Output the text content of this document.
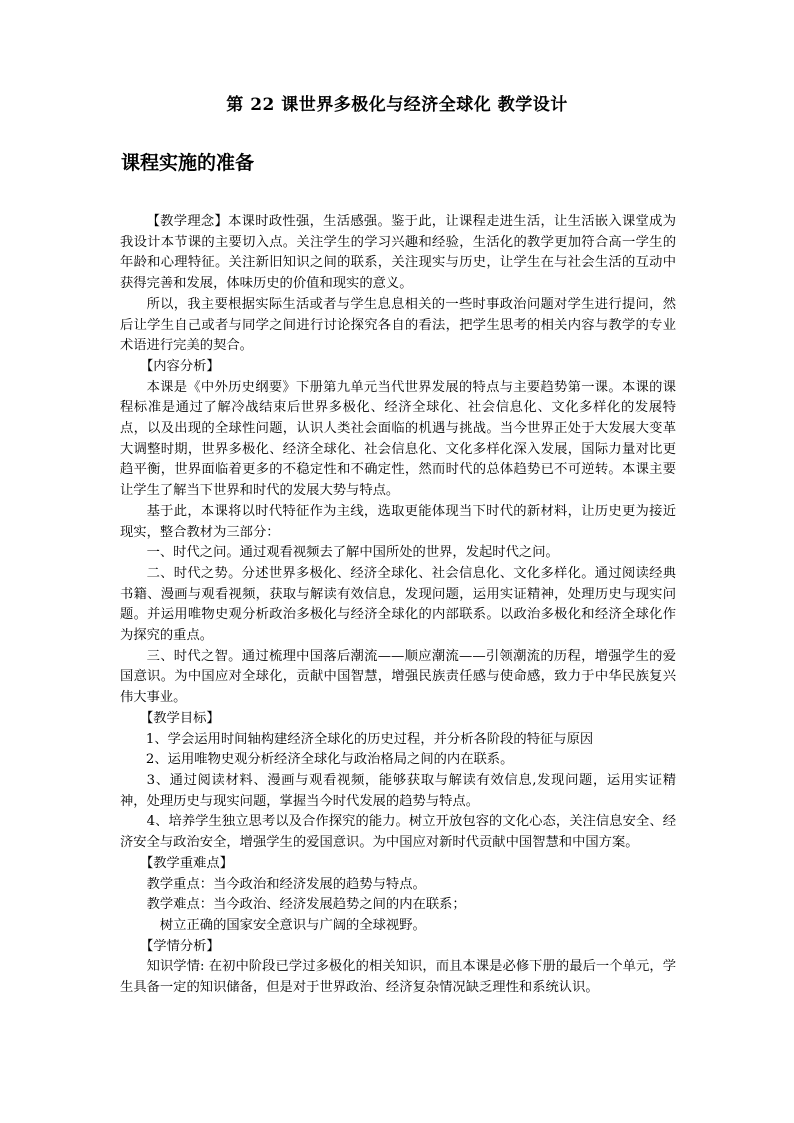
第 22 课世界多极化与经济全球化 教学设计
课程实施的准备

【教学理念】本课时政性强，生活感强。鉴于此，让课程走进生活，让生活嵌入课堂成为我设计本节课的主要切入点。关注学生的学习兴趣和经验，生活化的教学更加符合高一学生的年龄和心理特征。关注新旧知识之间的联系，关注现实与历史，让学生在与社会生活的互动中获得完善和发展，体味历史的价值和现实的意义。

所以，我主要根据实际生活或者与学生息息相关的一些时事政治问题对学生进行提问，然后让学生自己或者与同学之间进行讨论探究各自的看法，把学生思考的相关内容与教学的专业术语进行完美的契合。

【内容分析】

本课是《中外历史纲要》下册第九单元当代世界发展的特点与主要趋势第一课。本课的课程标准是通过了解冷战结束后世界多极化、经济全球化、社会信息化、文化多样化的发展特点，以及出现的全球性问题，认识人类社会面临的机遇与挑战。当今世界正处于大发展大变革大调整时期，世界多极化、经济全球化、社会信息化、文化多样化深入发展，国际力量对比更趋平衡，世界面临着更多的不稳定性和不确定性，然而时代的总体趋势已不可逆转。本课主要让学生了解当下世界和时代的发展大势与特点。

基于此，本课将以时代特征作为主线，选取更能体现当下时代的新材料，让历史更为接近现实，整合教材为三部分：

一、时代之问。通过观看视频去了解中国所处的世界，发起时代之问。

二、时代之势。分述世界多极化、经济全球化、社会信息化、文化多样化。通过阅读经典书籍、漫画与观看视频，获取与解读有效信息，发现问题，运用实证精神，处理历史与现实问题。并运用唯物史观分析政治多极化与经济全球化的内部联系。以政治多极化和经济全球化作为探究的重点。

三、时代之智。通过梳理中国落后潮流——顺应潮流——引领潮流的历程，增强学生的爱国意识。为中国应对全球化，贡献中国智慧，增强民族责任感与使命感，致力于中华民族复兴伟大事业。

【教学目标】

1、学会运用时间轴构建经济全球化的历史过程，并分析各阶段的特征与原因

2、运用唯物史观分析经济全球化与政治格局之间的内在联系。

3、通过阅读材料、漫画与观看视频，能够获取与解读有效信息,发现问题，运用实证精神，处理历史与现实问题，掌握当今时代发展的趋势与特点。

4、培养学生独立思考以及合作探究的能力。树立开放包容的文化心态，关注信息安全、经济安全与政治安全，增强学生的爱国意识。为中国应对新时代贡献中国智慧和中国方案。

【教学重难点】

教学重点：当今政治和经济发展的趋势与特点。

教学难点：当今政治、经济发展趋势之间的内在联系；

树立正确的国家安全意识与广阔的全球视野。

【学情分析】

知识学情: 在初中阶段已学过多极化的相关知识，而且本课是必修下册的最后一个单元，学生具备一定的知识储备，但是对于世界政治、经济复杂情况缺乏理性和系统认识。
